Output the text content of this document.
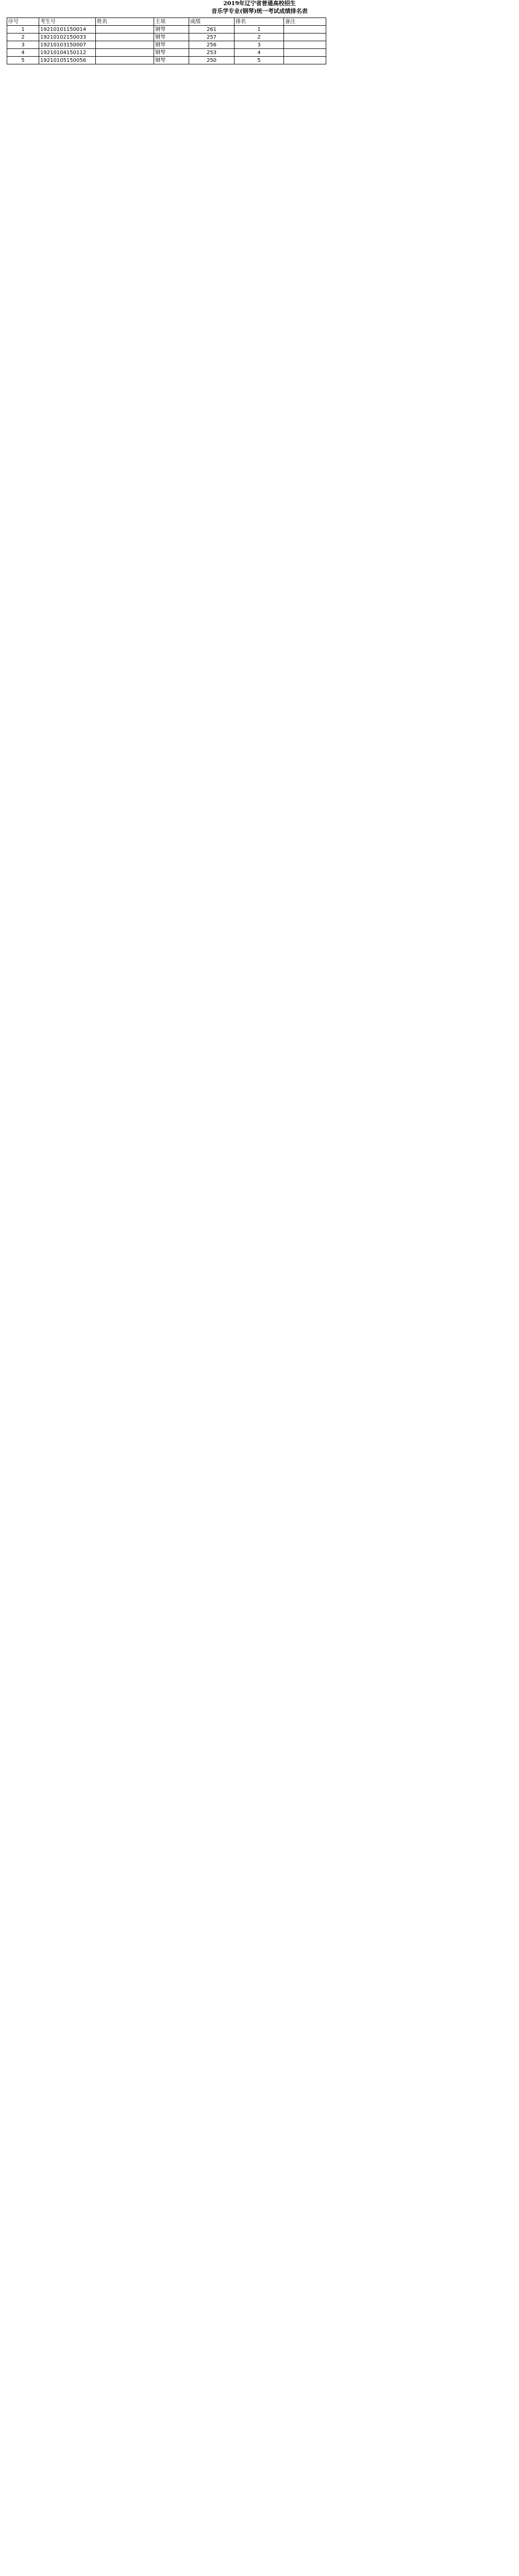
2019年辽宁省普通高校招生
音乐学专业(钢琴)统一考试成绩排名表
序号	考生号	姓名	主项	成绩	排名	备注
1	19210101150014		钢琴	261	1	
2	19210102150033		钢琴	257	2	
3	19210103150007		钢琴	256	3	
4	19210104150112		钢琴	253	4	
5	19210105150056		钢琴	250	5	
